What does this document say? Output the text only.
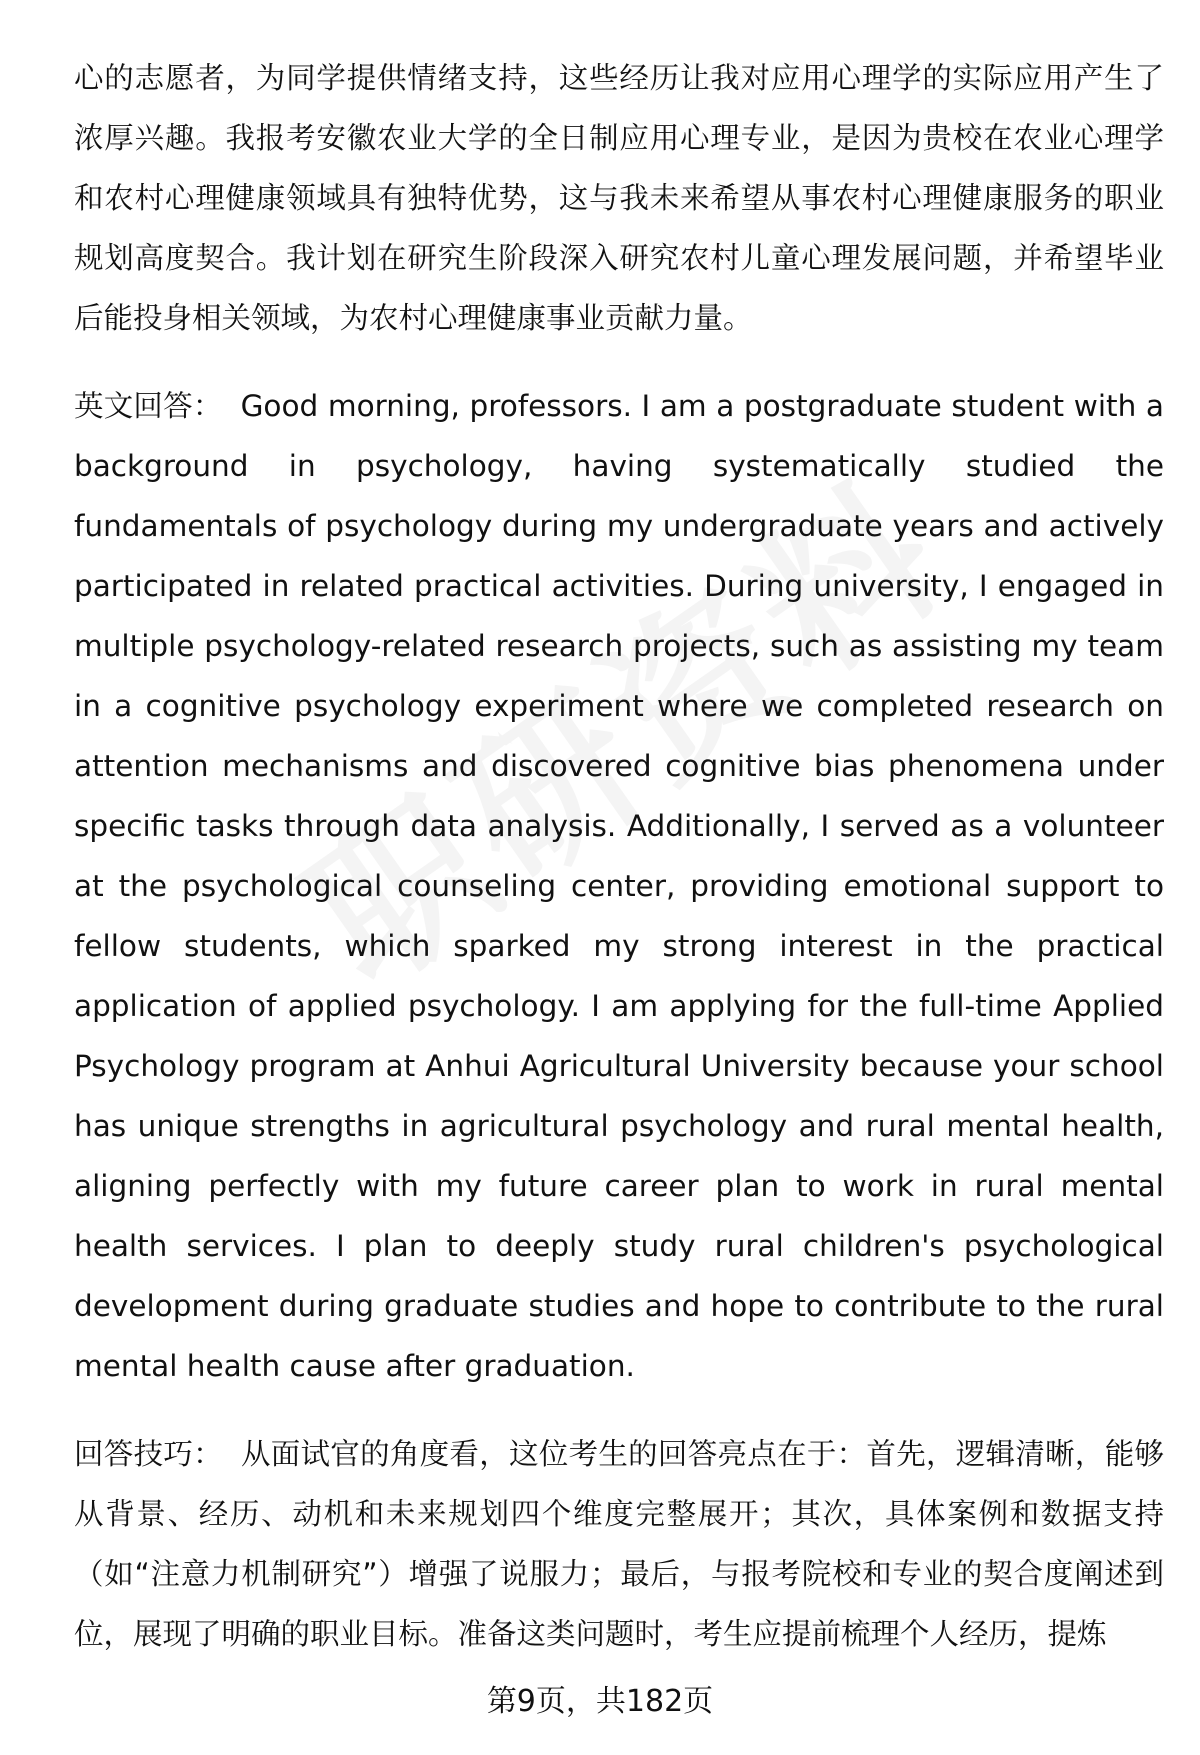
心的志愿者，为同学提供情绪支持，这些经历让我对应用心理学的实际应用产生了浓厚兴趣。我报考安徽农业大学的全日制应用心理专业，是因为贵校在农业心理学和农村心理健康领域具有独特优势，这与我未来希望从事农村心理健康服务的职业规划高度契合。我计划在研究生阶段深入研究农村儿童心理发展问题，并希望毕业后能投身相关领域，为农村心理健康事业贡献力量。

英文回答： Good morning, professors. I am a postgraduate student with a background in psychology, having systematically studied the fundamentals of psychology during my undergraduate years and actively participated in related practical activities. During university, I engaged in multiple psychology-related research projects, such as assisting my team in a cognitive psychology experiment where we completed research on attention mechanisms and discovered cognitive bias phenomena under specific tasks through data analysis. Additionally, I served as a volunteer at the psychological counseling center, providing emotional support to fellow students, which sparked my strong interest in the practical application of applied psychology. I am applying for the full-time Applied Psychology program at Anhui Agricultural University because your school has unique strengths in agricultural psychology and rural mental health, aligning perfectly with my future career plan to work in rural mental health services. I plan to deeply study rural children's psychological development during graduate studies and hope to contribute to the rural mental health cause after graduation.

回答技巧： 从面试官的角度看，这位考生的回答亮点在于：首先，逻辑清晰，能够从背景、经历、动机和未来规划四个维度完整展开；其次，具体案例和数据支持（如“注意力机制研究”）增强了说服力；最后，与报考院校和专业的契合度阐述到位，展现了明确的职业目标。准备这类问题时，考生应提前梳理个人经历，提炼

第9页，共182页
